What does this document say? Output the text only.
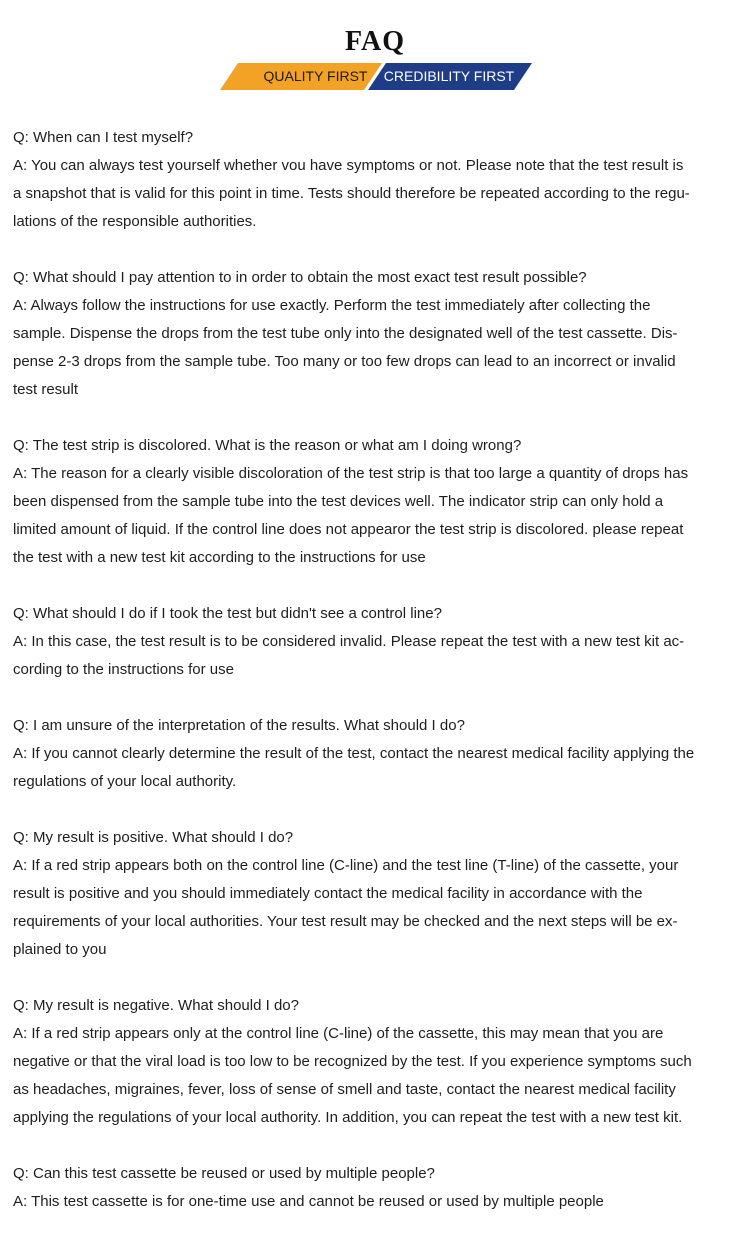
FAQ
QUALITY FIRST	CREDIBILITY FIRST

Q: When can I test myself?

A: You can always test yourself whether vou have symptoms or not. Please note that the test result is

a snapshot that is valid for this point in time. Tests should therefore be repeated according to the regu-

lations of the responsible authorities.

Q: What should I pay attention to in order to obtain the most exact test result possible?

A: Always follow the instructions for use exactly. Perform the test immediately after collecting the

sample. Dispense the drops from the test tube only into the designated well of the test cassette. Dis-

pense 2-3 drops from the sample tube. Too many or too few drops can lead to an incorrect or invalid

test result

Q: The test strip is discolored. What is the reason or what am I doing wrong?

A: The reason for a clearly visible discoloration of the test strip is that too large a quantity of drops has

been dispensed from the sample tube into the test devices well. The indicator strip can only hold a

limited amount of liquid. If the control line does not appearor the test strip is discolored. please repeat

the test with a new test kit according to the instructions for use

Q: What should I do if I took the test but didn't see a control line?

A: In this case, the test result is to be considered invalid. Please repeat the test with a new test kit ac-

cording to the instructions for use

Q: I am unsure of the interpretation of the results. What should I do?

A: If you cannot clearly determine the result of the test, contact the nearest medical facility applying the

regulations of your local authority.

Q: My result is positive. What should I do?

A: If a red strip appears both on the control line (C-line) and the test line (T-line) of the cassette, your

result is positive and you should immediately contact the medical facility in accordance with the

requirements of your local authorities. Your test result may be checked and the next steps will be ex-

plained to you

Q: My result is negative. What should I do?

A: If a red strip appears only at the control line (C-line) of the cassette, this may mean that you are

negative or that the viral load is too low to be recognized by the test. If you experience symptoms such

as headaches, migraines, fever, loss of sense of smell and taste, contact the nearest medical facility

applying the regulations of your local authority. In addition, you can repeat the test with a new test kit.

Q: Can this test cassette be reused or used by multiple people?

A: This test cassette is for one-time use and cannot be reused or used by multiple people
